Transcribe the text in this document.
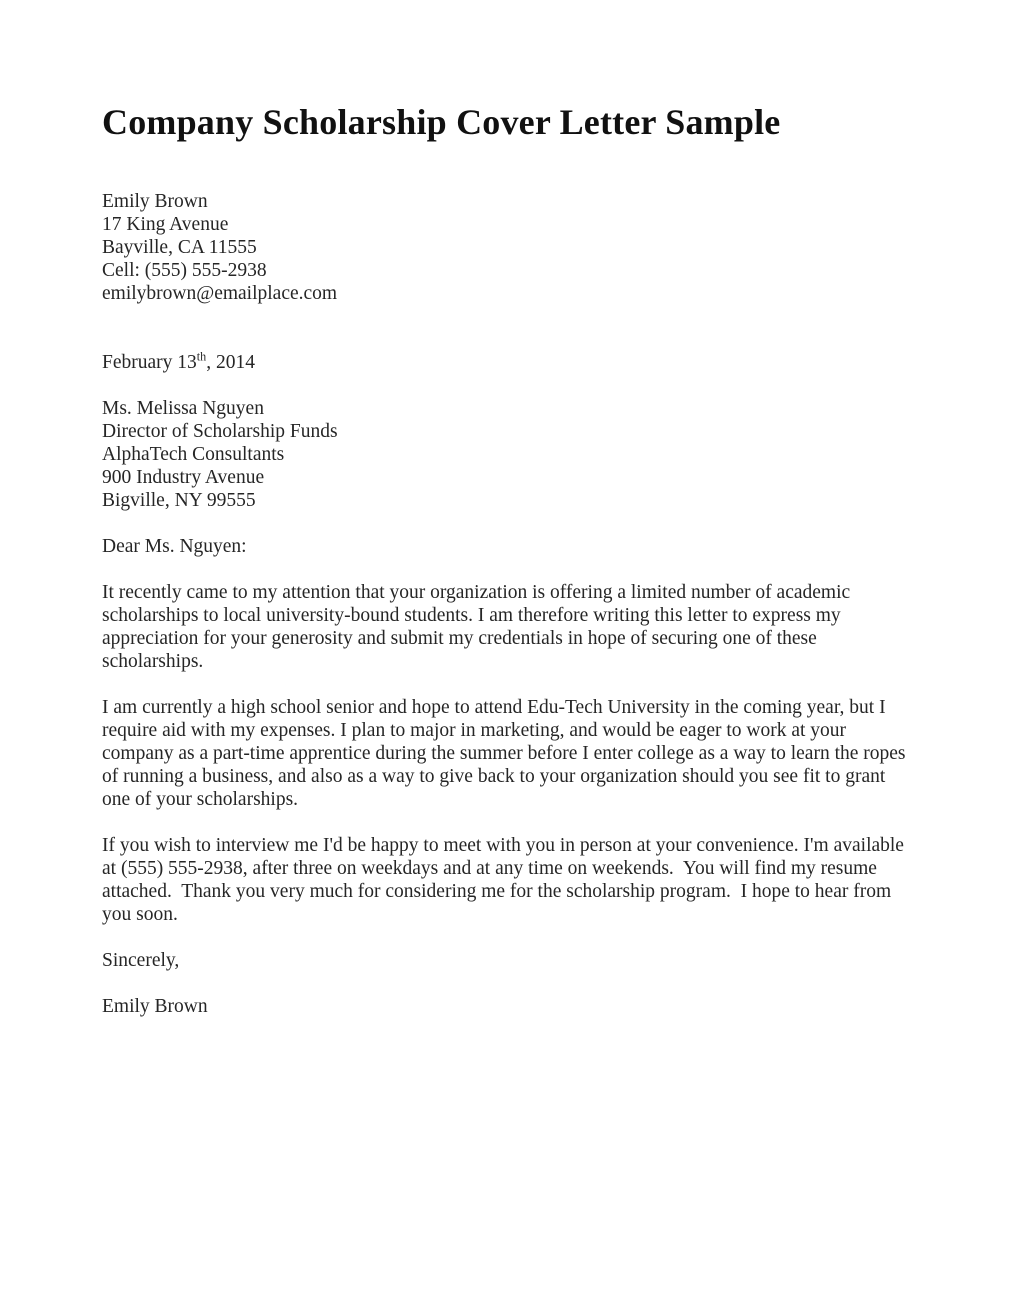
Company Scholarship Cover Letter Sample
Emily Brown
17 King Avenue
Bayville, CA 11555
Cell: (555) 555-2938
emilybrown@emailplace.com
February 13th, 2014
Ms. Melissa Nguyen
Director of Scholarship Funds
AlphaTech Consultants
900 Industry Avenue
Bigville, NY 99555
Dear Ms. Nguyen:

It recently came to my attention that your organization is offering a limited number of academic scholarships to local university-bound students. I am therefore writing this letter to express my appreciation for your generosity and submit my credentials in hope of securing one of these scholarships.

I am currently a high school senior and hope to attend Edu-Tech University in the coming year, but I require aid with my expenses. I plan to major in marketing, and would be eager to work at your company as a part-time apprentice during the summer before I enter college as a way to learn the ropes of running a business, and also as a way to give back to your organization should you see fit to grant one of your scholarships.

If you wish to interview me I'd be happy to meet with you in person at your convenience. I'm available at (555) 555-2938, after three on weekdays and at any time on weekends.  You will find my resume attached.  Thank you very much for considering me for the scholarship program.  I hope to hear from you soon.

Sincerely,
Emily Brown
